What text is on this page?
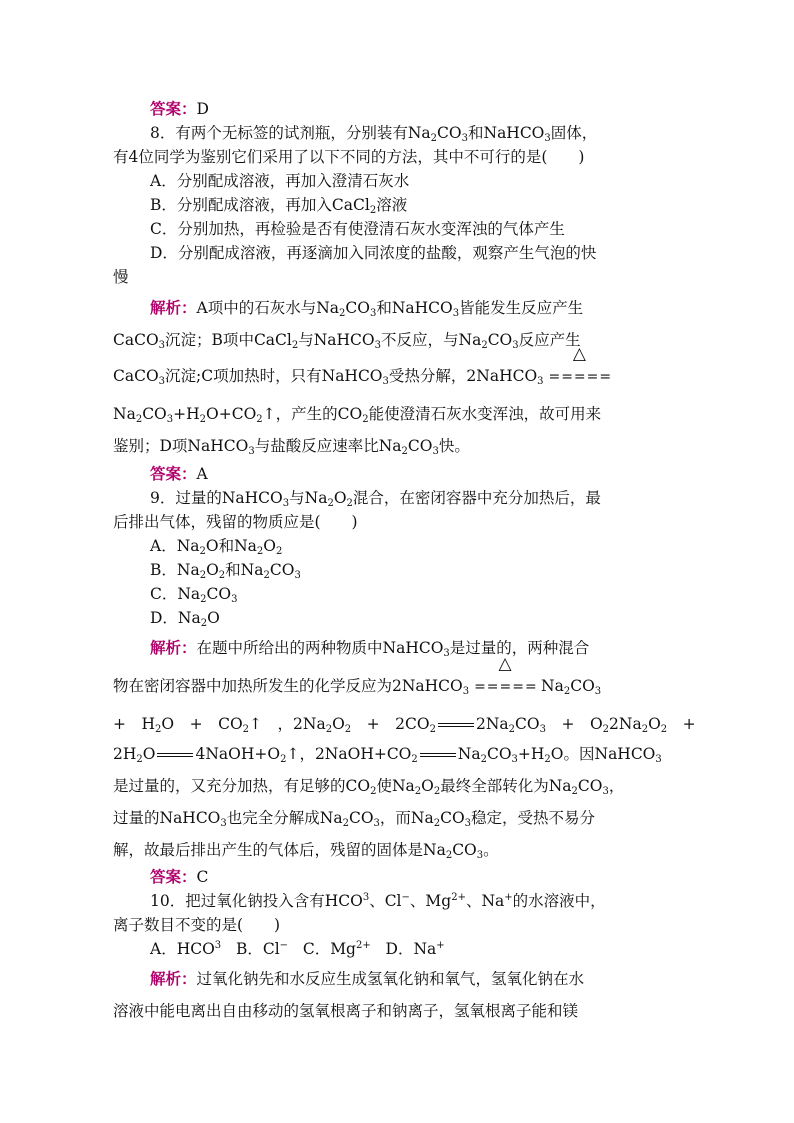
答案：D
8．有两个无标签的试剂瓶，分别装有$Na_2CO_3$和NaHCO$_3$固体，
有4位同学为鉴别它们采用了以下不同的方法，其中不可行的是(　　)
A．分别配成溶液，再加入澄清石灰水
B．分别配成溶液，再加入CaCl$_2$溶液
C．分别加热，再检验是否有使澄清石灰水变浑浊的气体产生
D．分别配成溶液，再逐滴加入同浓度的盐酸，观察产生气泡的快
慢
解析：A项中的石灰水与$Na_2CO_3$和NaHCO$_3$皆能发生反应产生
CaCO$_3$沉淀；B项中CaCl$_2$与NaHCO$_3$不反应，与$Na_2CO_3$反应产生
CaCO$_3$沉淀;C项加热时，只有NaHCO$_3$受热分解，2NaHCO$_3$
△
=====
$Na_2CO_3+H_2O+CO_2↑$，产生的$CO_2$能使澄清石灰水变浑浊，故可用来
鉴别；D项NaHCO$_3$与盐酸反应速率比$Na_2CO_3$快。
答案：A
9．过量的NaHCO$_3$与$Na_2O_2$混合，在密闭容器中充分加热后，最
后排出气体，残留的物质应是(　　)
A．$Na_2O$和$Na_2O_2$
B．$Na_2O_2$和$Na_2CO_3$
C．$Na_2CO_3$
D．$Na_2O$
解析：在题中所给出的两种物质中NaHCO$_3$是过量的，两种混合
物在密闭容器中加热所发生的化学反应为2NaHCO$_3$
△
===== $Na_2CO_3$
+　$H_2O$　+　$CO_2↑$　，$2Na_2O_2$　+　$2CO_2$	$2Na_2CO_3$　+　$O_22Na_2O_2$　+
$2H_2O$	$4NaOH+O_2↑$，$2NaOH+CO_2$	$Na_2CO_3+H_2O$。因NaHCO$_3$
是过量的，又充分加热，有足够的$CO_2$使$Na_2O_2$最终全部转化为$Na_2CO_3$，
过量的NaHCO$_3$也完全分解成$Na_2CO_3$，而$Na_2CO_3$稳定，受热不易分
解，故最后排出产生的气体后，残留的固体是$Na_2CO_3$。
答案：C
10．把过氧化钠投入含有HCO$^3$、Cl−、$Mg^{2+}$、Na+的水溶液中，
离子数目不变的是(　　)
A．HCO$^3$ B．Cl− C．$Mg^{2+}$ D．Na+
解析：过氧化钠先和水反应生成氢氧化钠和氧气，氢氧化钠在水
溶液中能电离出自由移动的氢氧根离子和钠离子，氢氧根离子能和镁
